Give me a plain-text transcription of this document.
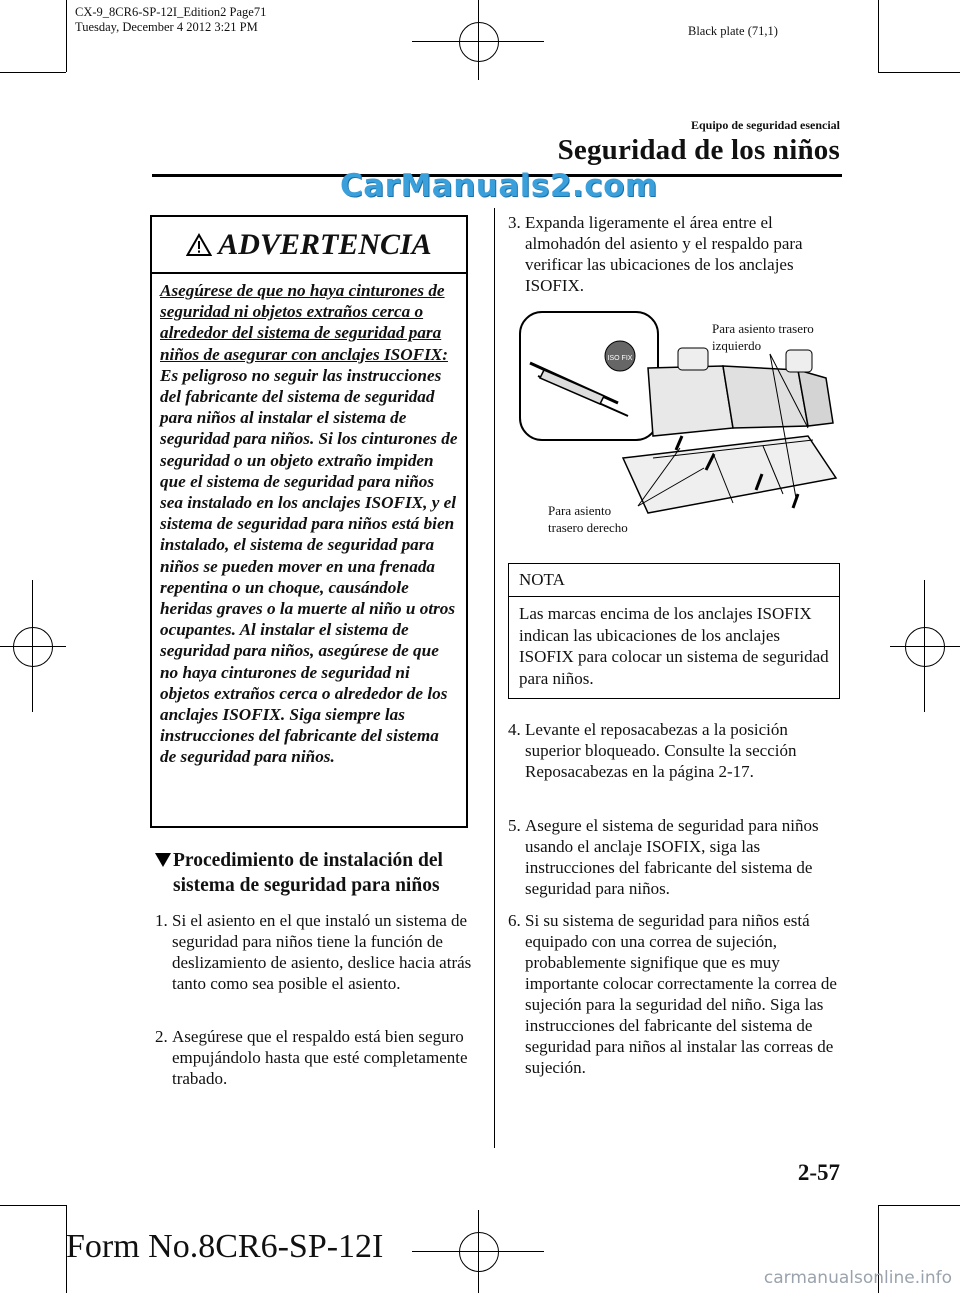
CX-9_8CR6-SP-12I_Edition2 Page71
Tuesday, December 4 2012 3:21 PM	Black plate (71,1)
Equipo de seguridad esencial
Seguridad de los niños
CarManuals2.com
ADVERTENCIA
Asegúrese de que no haya cinturones de seguridad ni objetos extraños cerca o alrededor del sistema de seguridad para niños de asegurar con anclajes ISOFIX:
Es peligroso no seguir las instrucciones del fabricante del sistema de seguridad para niños al instalar el sistema de seguridad para niños. Si los cinturones de seguridad o un objeto extraño impiden que el sistema de seguridad para niños sea instalado en los anclajes ISOFIX, y el sistema de seguridad para niños está bien instalado, el sistema de seguridad para niños se pueden mover en una frenada repentina o un choque, causándole heridas graves o la muerte al niño u otros ocupantes. Al instalar el sistema de seguridad para niños, asegúrese de que no haya cinturones de seguridad ni objetos extraños cerca o alrededor de los anclajes ISOFIX. Siga siempre las instrucciones del fabricante del sistema de seguridad para niños.
Procedimiento de instalación del sistema de seguridad para niños
1. Si el asiento en el que instaló un sistema de seguridad para niños tiene la función de deslizamiento de asiento, deslice hacia atrás tanto como sea posible el asiento.
2. Asegúrese que el respaldo está bien seguro empujándolo hasta que esté completamente trabado.
3. Expanda ligeramente el área entre el almohadón del asiento y el respaldo para verificar las ubicaciones de los anclajes ISOFIX.
ISO FIX
Para asiento trasero izquierdo
Para asiento trasero derecho
NOTA
Las marcas encima de los anclajes ISOFIX indican las ubicaciones de los anclajes ISOFIX para colocar un sistema de seguridad para niños.
4. Levante el reposacabezas a la posición superior bloqueado. Consulte la sección Reposacabezas en la página 2-17.
5. Asegure el sistema de seguridad para niños usando el anclaje ISOFIX, siga las instrucciones del fabricante del sistema de seguridad para niños.
6. Si su sistema de seguridad para niños está equipado con una correa de sujeción, probablemente signifique que es muy importante colocar correctamente la correa de sujeción para la seguridad del niño. Siga las instrucciones del fabricante del sistema de seguridad para niños al instalar las correas de sujeción.
2-57
Form No.8CR6-SP-12I
carmanualsonline.info
